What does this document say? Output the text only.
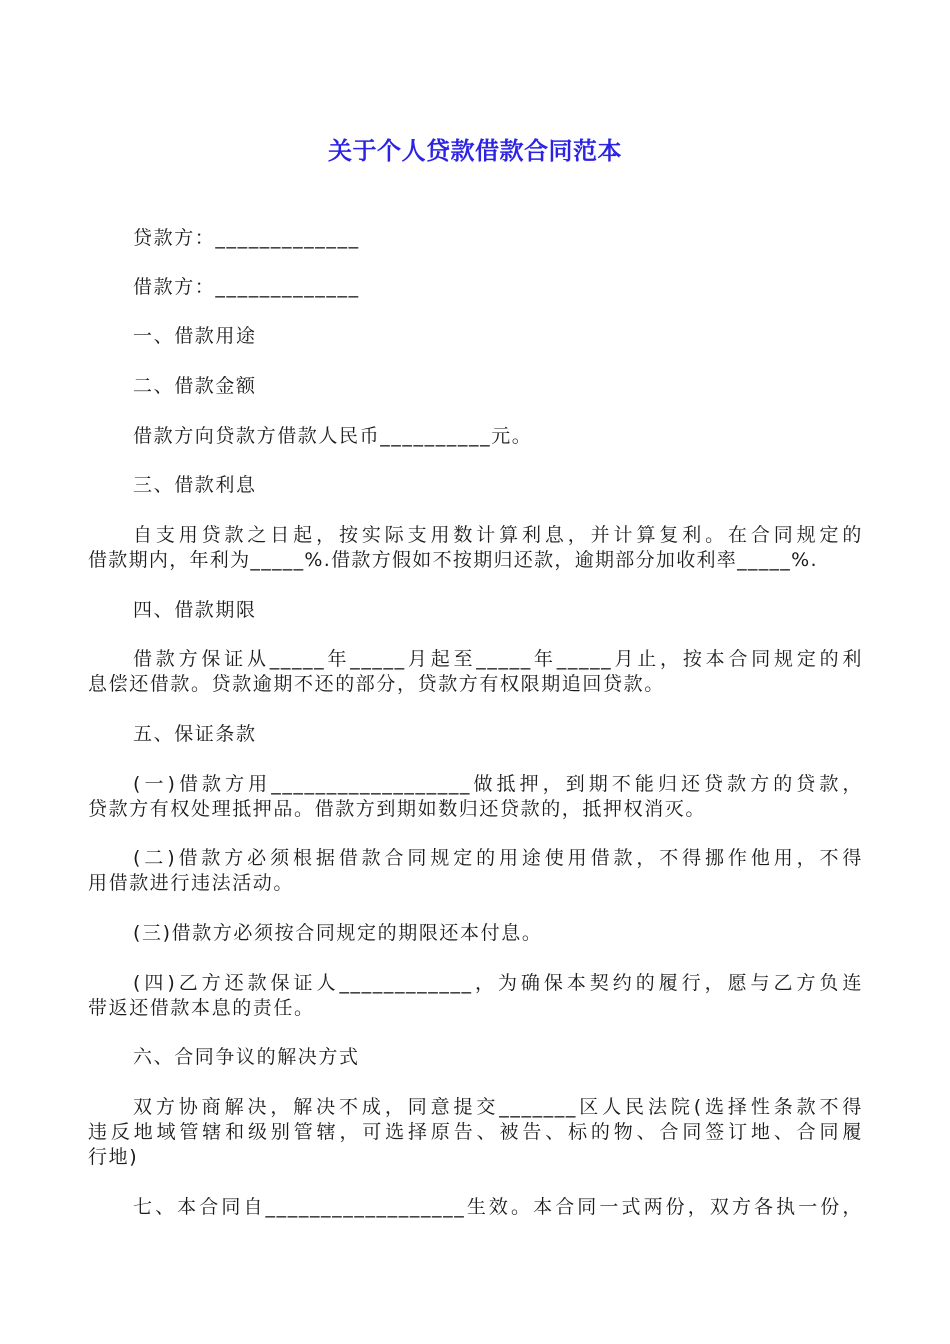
关于个人贷款借款合同范本
贷款方：_____________
借款方：_____________
一、借款用途
二、借款金额
借款方向贷款方借款人民币__________元。
三、借款利息
自支用贷款之日起，按实际支用数计算利息，并计算复利。在合同规定的
借款期内，年利为_____%.借款方假如不按期归还款，逾期部分加收利率_____%.
四、借款期限
借款方保证从_____年_____月起至_____年_____月止，按本合同规定的利
息偿还借款。贷款逾期不还的部分，贷款方有权限期追回贷款。
五、保证条款
(一)借款方用__________________做抵押，到期不能归还贷款方的贷款，
贷款方有权处理抵押品。借款方到期如数归还贷款的，抵押权消灭。
(二)借款方必须根据借款合同规定的用途使用借款，不得挪作他用，不得
用借款进行违法活动。
(三)借款方必须按合同规定的期限还本付息。
(四)乙方还款保证人____________，为确保本契约的履行，愿与乙方负连
带返还借款本息的责任。
六、合同争议的解决方式
双方协商解决，解决不成，同意提交_______区人民法院(选择性条款不得
违反地域管辖和级别管辖，可选择原告、被告、标的物、合同签订地、合同履
行地)
七、本合同自__________________生效。本合同一式两份，双方各执一份，
